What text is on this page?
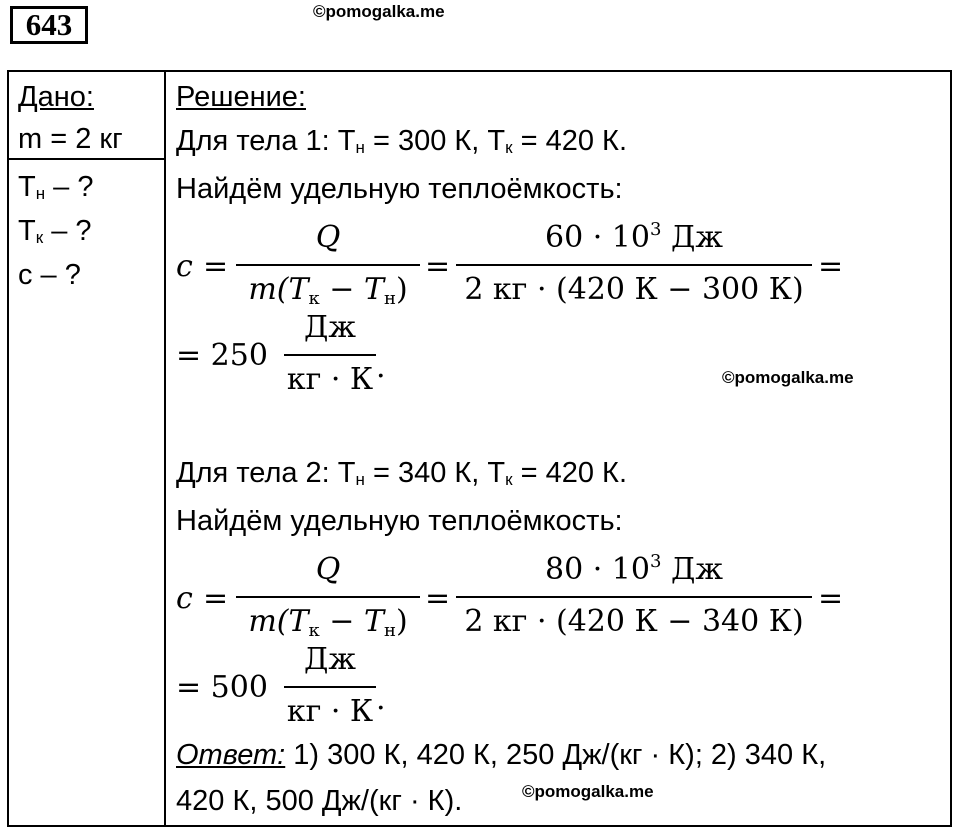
643	©pomogalka.me
©pomogalka.me
©pomogalka.me
Дано:
m = 2 кг
$T_н$ – ?
$T_к$ – ?
c – ?
Решение:
Для тела 1: $T_н = 300$ К, $T_к = 420$ К.
Найдём удельную теплоёмкость:
c =
Q
$m(T_к - T_н)$
=
$60 \cdot 10^3$ Дж
2 кг · (420 К − 300 К)
=
= 250
Дж
кг · К .
Для тела 2: $T_н = 340$ К, $T_к = 420$ К.
Найдём удельную теплоёмкость:
c =
Q
$m(T_к - T_н)$
=
$80 \cdot 10^3$ Дж
2 кг · (420 К − 340 К)
=
= 500
Дж
кг · К .
Ответ: 1) 300 К, 420 К, 250 Дж/(кг · К); 2) 340 К,
420 К, 500 Дж/(кг · К).
